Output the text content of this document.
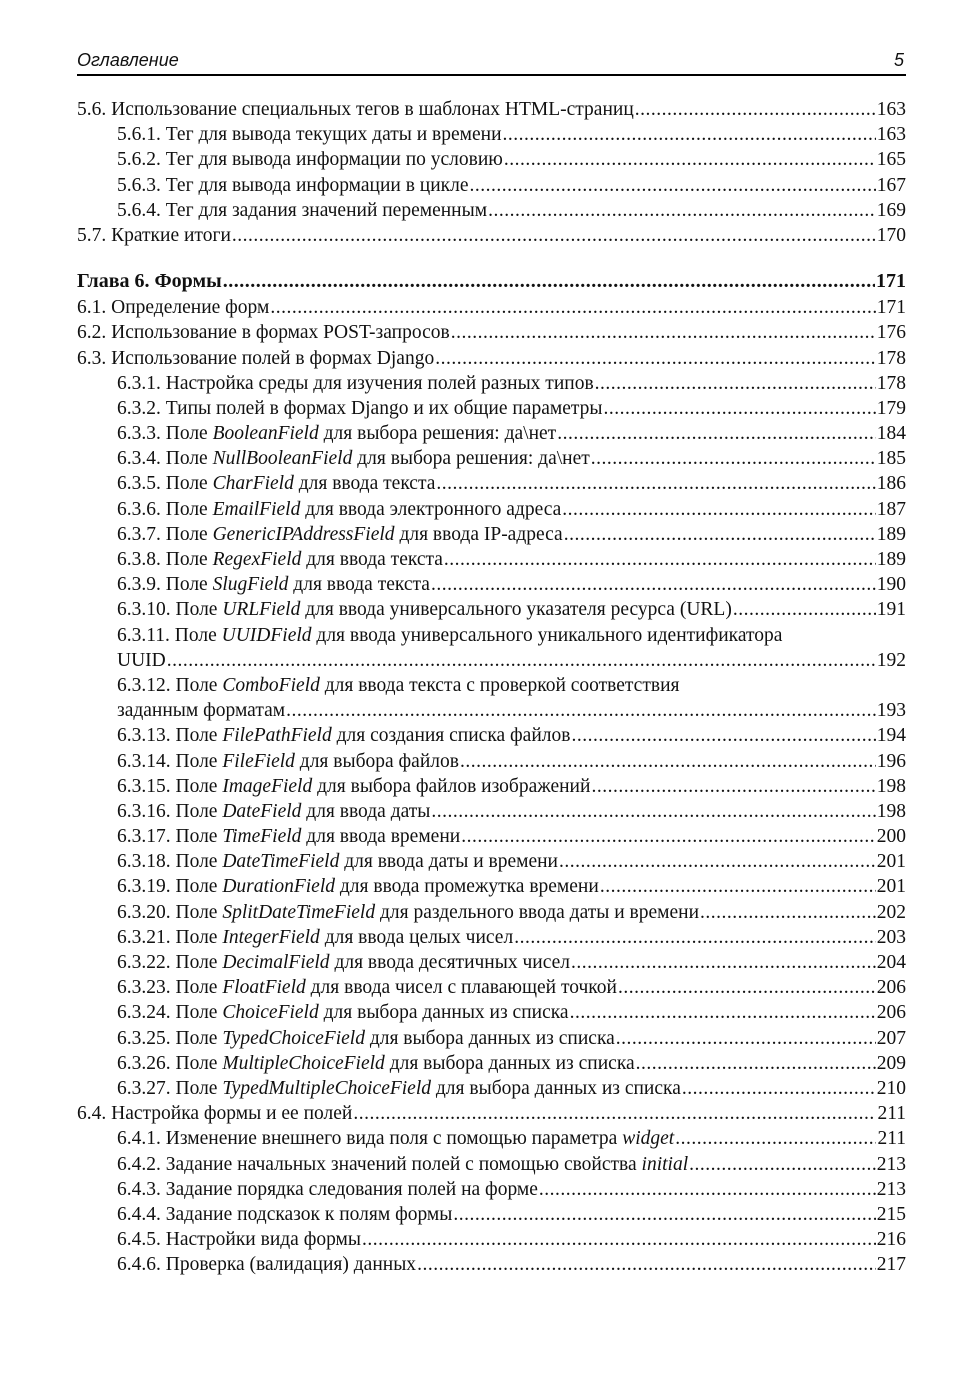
Оглавление	5
5.6. Использование специальных тегов в шаблонах HTML-страниц .....	163
5.6.1. Тег для вывода текущих даты и времени .....	163
5.6.2. Тег для вывода информации по условию .....	165
5.6.3. Тег для вывода информации в цикле .....	167
5.6.4. Тег для задания значений переменным .....	169
5.7. Краткие итоги .....	170
Глава 6. Формы .....	171
6.1. Определение форм .....	171
6.2. Использование в формах POST-запросов .....	176
6.3. Использование полей в формах Django .....	178
6.3.1. Настройка среды для изучения полей разных типов .....	178
6.3.2. Типы полей в формах Django и их общие параметры .....	179
6.3.3. Поле BooleanField для выбора решения: да\нет .....	184
6.3.4. Поле NullBooleanField для выбора решения: да\нет .....	185
6.3.5. Поле CharField для ввода текста .....	186
6.3.6. Поле EmailField для ввода электронного адреса .....	187
6.3.7. Поле GenericIPAddressField для ввода IP-адреса .....	189
6.3.8. Поле RegexField для ввода текста .....	189
6.3.9. Поле SlugField для ввода текста .....	190
6.3.10. Поле URLField для ввода универсального указателя ресурса (URL) .....	191
6.3.11. Поле UUIDField для ввода универсального уникального идентификатора
UUID .....	192
6.3.12. Поле ComboField для ввода текста с проверкой соответствия
заданным форматам .....	193
6.3.13. Поле FilePathField для создания списка файлов .....	194
6.3.14. Поле FileField для выбора файлов .....	196
6.3.15. Поле ImageField для выбора файлов изображений .....	198
6.3.16. Поле DateField для ввода даты .....	198
6.3.17. Поле TimeField для ввода времени .....	200
6.3.18. Поле DateTimeField для ввода даты и времени .....	201
6.3.19. Поле DurationField для ввода промежутка времени .....	201
6.3.20. Поле SplitDateTimeField для раздельного ввода даты и времени .....	202
6.3.21. Поле IntegerField для ввода целых чисел .....	203
6.3.22. Поле DecimalField для ввода десятичных чисел .....	204
6.3.23. Поле FloatField для ввода чисел с плавающей точкой .....	206
6.3.24. Поле ChoiceField для выбора данных из списка .....	206
6.3.25. Поле TypedChoiceField для выбора данных из списка .....	207
6.3.26. Поле MultipleChoiceField для выбора данных из списка .....	209
6.3.27. Поле TypedMultipleChoiceField для выбора данных из списка .....	210
6.4. Настройка формы и ее полей .....	211
6.4.1. Изменение внешнего вида поля с помощью параметра widget .....	211
6.4.2. Задание начальных значений полей с помощью свойства initial .....	213
6.4.3. Задание порядка следования полей на форме .....	213
6.4.4. Задание подсказок к полям формы .....	215
6.4.5. Настройки вида формы .....	216
6.4.6. Проверка (валидация) данных .....	217
